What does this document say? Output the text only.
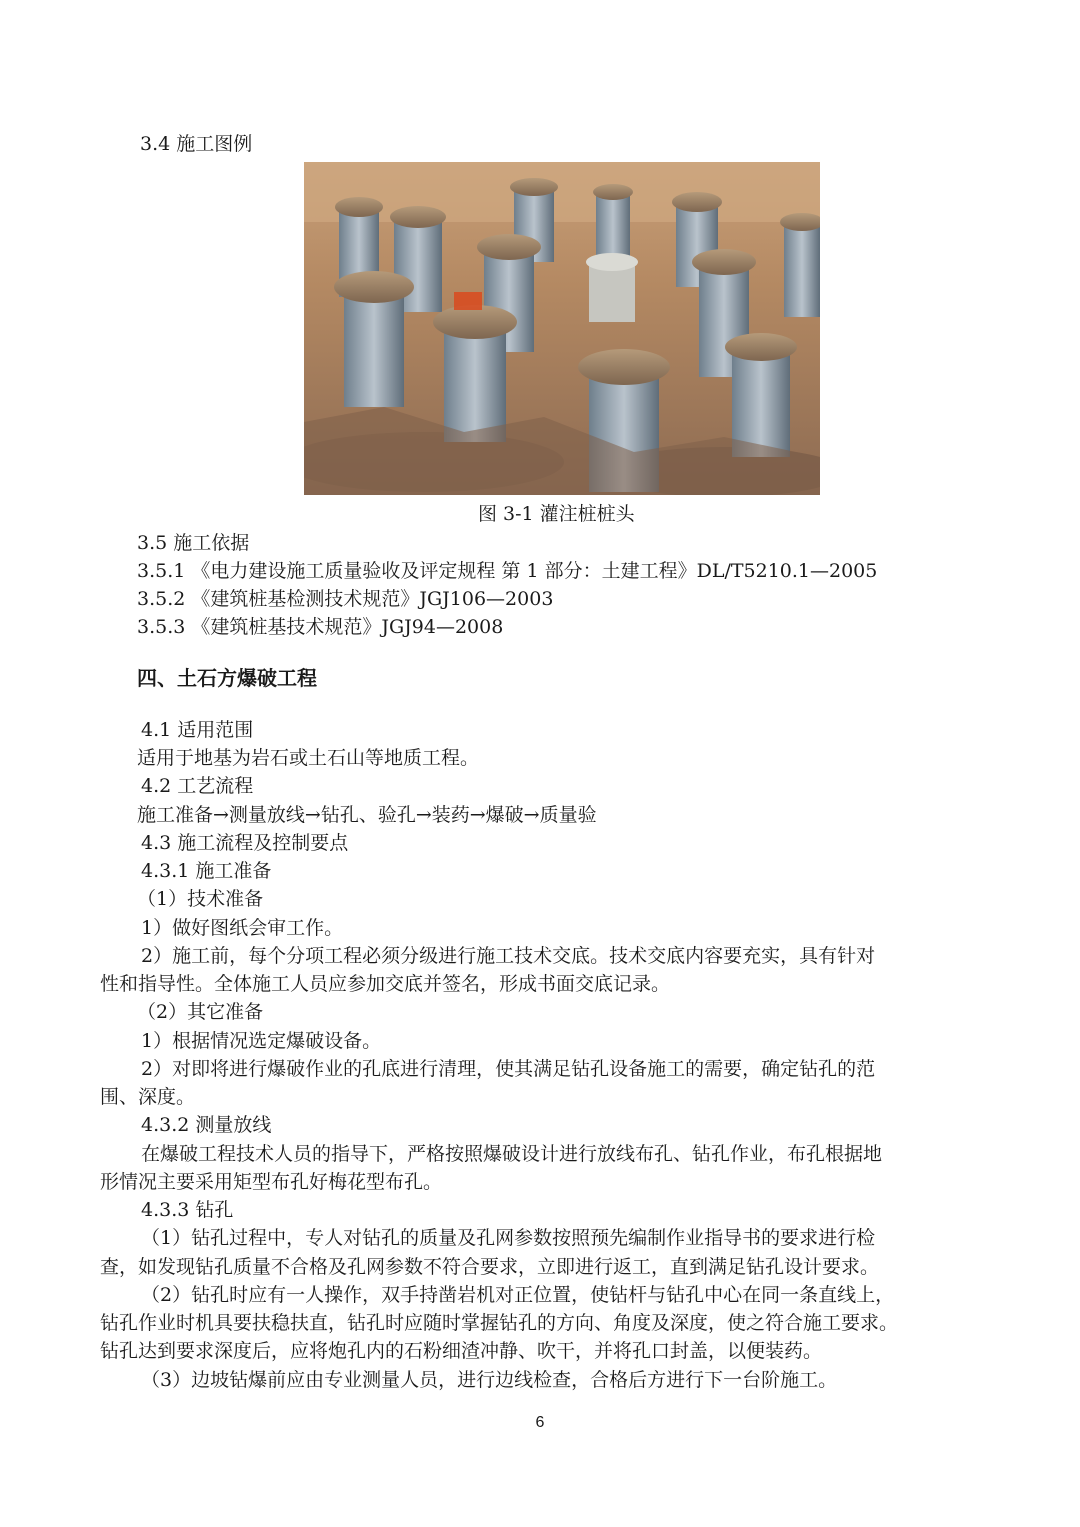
3.4 施工图例
图 3-1 灌注桩桩头
3.5 施工依据
3.5.1 《电力建设施工质量验收及评定规程 第 1 部分：土建工程》DL/T5210.1—2005
3.5.2 《建筑桩基检测技术规范》JGJ106—2003
3.5.3 《建筑桩基技术规范》JGJ94—2008
四、土石方爆破工程
4.1 适用范围
适用于地基为岩石或土石山等地质工程。
4.2 工艺流程
施工准备→测量放线→钻孔、验孔→装药→爆破→质量验
4.3 施工流程及控制要点
4.3.1 施工准备
（1）技术准备
1）做好图纸会审工作。
2）施工前，每个分项工程必须分级进行施工技术交底。技术交底内容要充实，具有针对
性和指导性。全体施工人员应参加交底并签名，形成书面交底记录。
（2）其它准备
1）根据情况选定爆破设备。
2）对即将进行爆破作业的孔底进行清理，使其满足钻孔设备施工的需要，确定钻孔的范
围、深度。
4.3.2 测量放线
在爆破工程技术人员的指导下，严格按照爆破设计进行放线布孔、钻孔作业，布孔根据地
形情况主要采用矩型布孔好梅花型布孔。
4.3.3 钻孔
（1）钻孔过程中，专人对钻孔的质量及孔网参数按照预先编制作业指导书的要求进行检
查，如发现钻孔质量不合格及孔网参数不符合要求，立即进行返工，直到满足钻孔设计要求。
（2）钻孔时应有一人操作，双手持凿岩机对正位置，使钻杆与钻孔中心在同一条直线上，
钻孔作业时机具要扶稳扶直，钻孔时应随时掌握钻孔的方向、角度及深度，使之符合施工要求。
钻孔达到要求深度后，应将炮孔内的石粉细渣冲静、吹干，并将孔口封盖，以便装药。
（3）边坡钻爆前应由专业测量人员，进行边线检查，合格后方进行下一台阶施工。
6
